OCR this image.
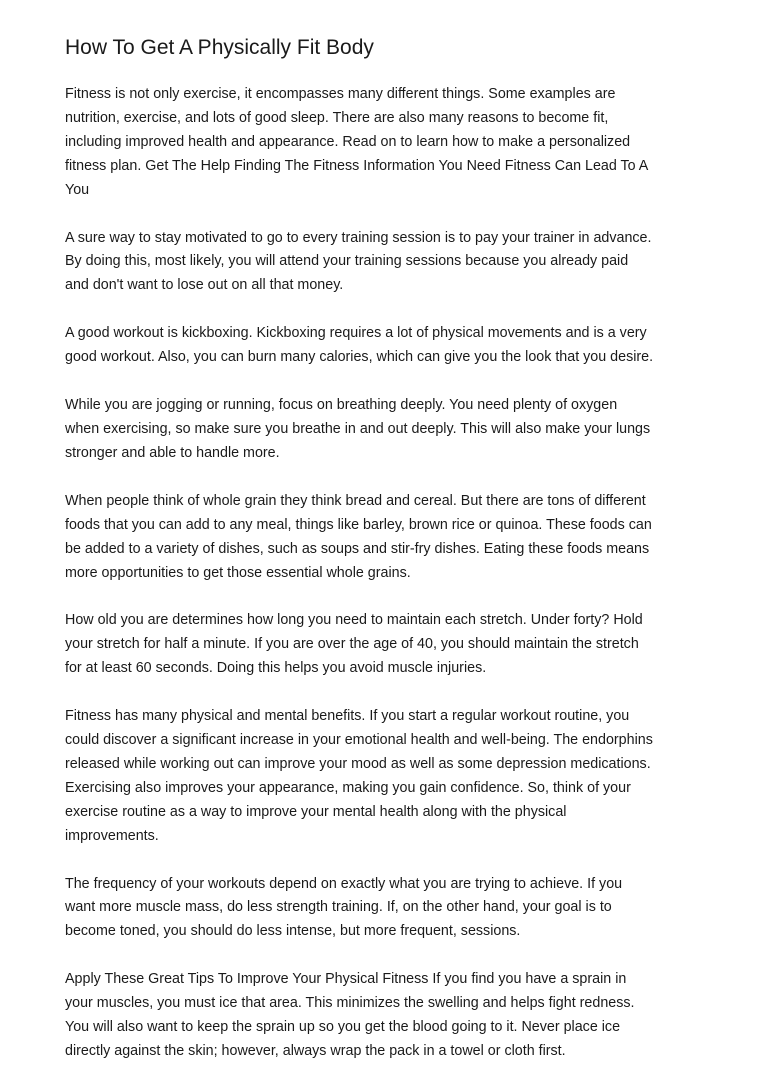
How To Get A Physically Fit Body

Fitness is not only exercise, it encompasses many different things. Some examples are
nutrition, exercise, and lots of good sleep. There are also many reasons to become fit,
including improved health and appearance. Read on to learn how to make a personalized
fitness plan. Get The Help Finding The Fitness Information You Need Fitness Can Lead To A
You

A sure way to stay motivated to go to every training session is to pay your trainer in advance.
By doing this, most likely, you will attend your training sessions because you already paid
and don't want to lose out on all that money.

A good workout is kickboxing. Kickboxing requires a lot of physical movements and is a very
good workout. Also, you can burn many calories, which can give you the look that you desire.

While you are jogging or running, focus on breathing deeply. You need plenty of oxygen
when exercising, so make sure you breathe in and out deeply. This will also make your lungs
stronger and able to handle more.

When people think of whole grain they think bread and cereal. But there are tons of different
foods that you can add to any meal, things like barley, brown rice or quinoa. These foods can
be added to a variety of dishes, such as soups and stir-fry dishes. Eating these foods means
more opportunities to get those essential whole grains.

How old you are determines how long you need to maintain each stretch. Under forty? Hold
your stretch for half a minute. If you are over the age of 40, you should maintain the stretch
for at least 60 seconds. Doing this helps you avoid muscle injuries.

Fitness has many physical and mental benefits. If you start a regular workout routine, you
could discover a significant increase in your emotional health and well-being. The endorphins
released while working out can improve your mood as well as some depression medications.
Exercising also improves your appearance, making you gain confidence. So, think of your
exercise routine as a way to improve your mental health along with the physical
improvements.

The frequency of your workouts depend on exactly what you are trying to achieve. If you
want more muscle mass, do less strength training. If, on the other hand, your goal is to
become toned, you should do less intense, but more frequent, sessions.

Apply These Great Tips To Improve Your Physical Fitness If you find you have a sprain in
your muscles, you must ice that area. This minimizes the swelling and helps fight redness.
You will also want to keep the sprain up so you get the blood going to it. Never place ice
directly against the skin; however, always wrap the pack in a towel or cloth first.
